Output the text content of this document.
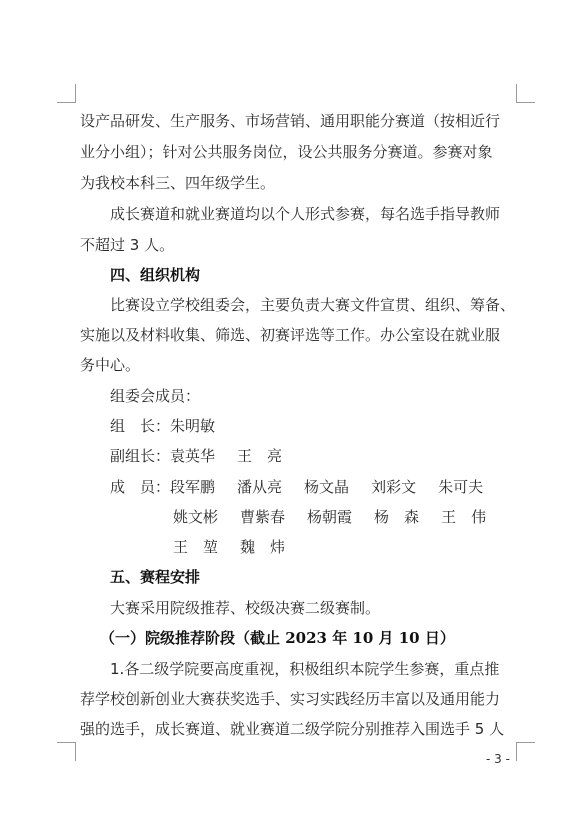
设产品研发、生产服务、市场营销、通用职能分赛道（按相近行
业分小组）；针对公共服务岗位，设公共服务分赛道。参赛对象
为我校本科三、四年级学生。
成长赛道和就业赛道均以个人形式参赛，每名选手指导教师
不超过 3 人。
四、组织机构
比赛设立学校组委会，主要负责大赛文件宣贯、组织、筹备、
实施以及材料收集、筛选、初赛评选等工作。办公室设在就业服
务中心。
组委会成员：
组　长：朱明敏
副组长：袁英华 王　亮
成　员：段军鹏 潘从亮 杨文晶 刘彩文 朱可夫
姚文彬 曹紫春 杨朝霞 杨　森 王　伟
王　堃 魏　炜
五、赛程安排
大赛采用院级推荐、校级决赛二级赛制。
（一）院级推荐阶段（截止 2023 年 10 月 10 日）
1.各二级学院要高度重视，积极组织本院学生参赛，重点推
荐学校创新创业大赛获奖选手、实习实践经历丰富以及通用能力
强的选手，成长赛道、就业赛道二级学院分别推荐入围选手 5 人
- 3 -
